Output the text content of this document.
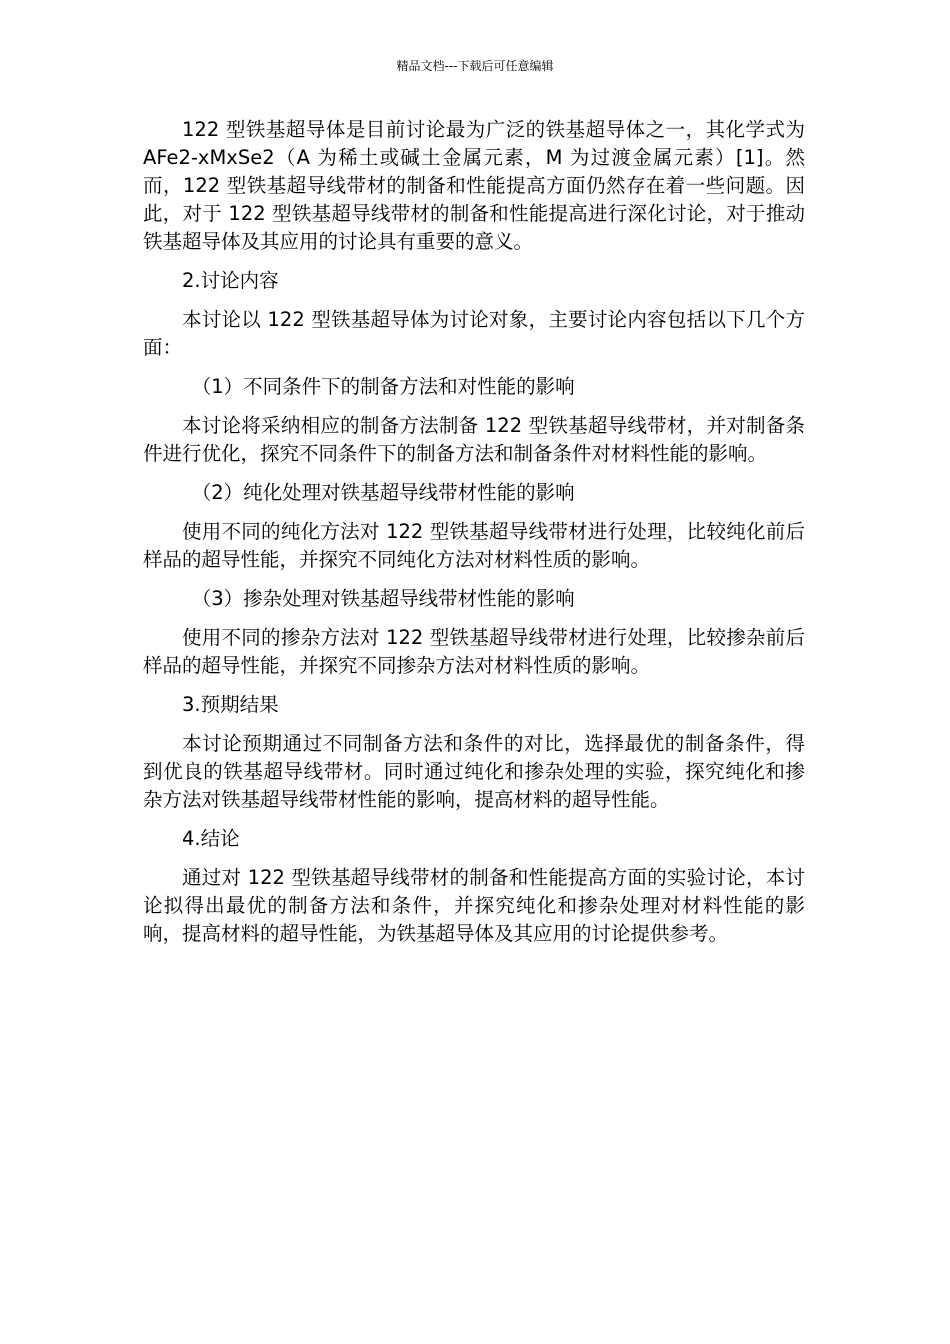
精品文档---下载后可任意编辑

122 型铁基超导体是目前讨论最为广泛的铁基超导体之一，其化学式为 AFe2-xMxSe2（A 为稀土或碱土金属元素，M 为过渡金属元素）[1]。然而，122 型铁基超导线带材的制备和性能提高方面仍然存在着一些问题。因此，对于 122 型铁基超导线带材的制备和性能提高进行深化讨论，对于推动铁基超导体及其应用的讨论具有重要的意义。

2.讨论内容

本讨论以 122 型铁基超导体为讨论对象，主要讨论内容包括以下几个方面：

（1）不同条件下的制备方法和对性能的影响

本讨论将采纳相应的制备方法制备 122 型铁基超导线带材，并对制备条件进行优化，探究不同条件下的制备方法和制备条件对材料性能的影响。

（2）纯化处理对铁基超导线带材性能的影响

使用不同的纯化方法对 122 型铁基超导线带材进行处理，比较纯化前后样品的超导性能，并探究不同纯化方法对材料性质的影响。

（3）掺杂处理对铁基超导线带材性能的影响

使用不同的掺杂方法对 122 型铁基超导线带材进行处理，比较掺杂前后样品的超导性能，并探究不同掺杂方法对材料性质的影响。

3.预期结果

本讨论预期通过不同制备方法和条件的对比，选择最优的制备条件，得到优良的铁基超导线带材。同时通过纯化和掺杂处理的实验，探究纯化和掺杂方法对铁基超导线带材性能的影响，提高材料的超导性能。

4.结论

通过对 122 型铁基超导线带材的制备和性能提高方面的实验讨论，本讨论拟得出最优的制备方法和条件，并探究纯化和掺杂处理对材料性能的影响，提高材料的超导性能，为铁基超导体及其应用的讨论提供参考。
